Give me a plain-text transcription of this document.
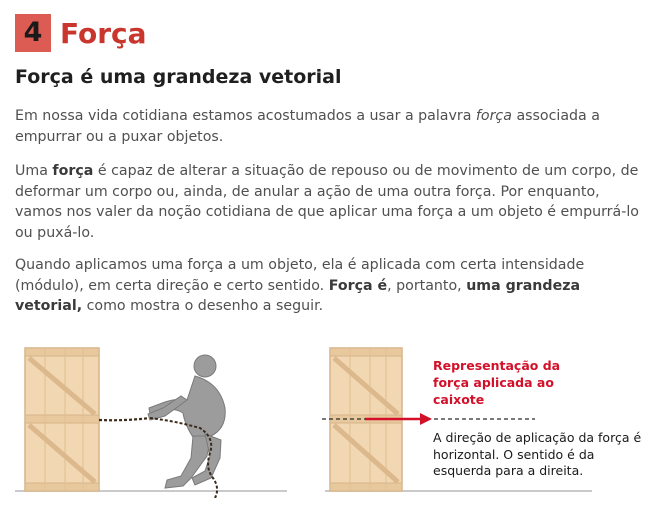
4 Força
Força é uma grandeza vetorial

Em nossa vida cotidiana estamos acostumados a usar a palavra força associada a empurrar ou a puxar objetos.

Uma força é capaz de alterar a situação de repouso ou de movimento de um corpo, de deformar um corpo ou, ainda, de anular a ação de uma outra força. Por enquanto, vamos nos valer da noção cotidiana de que aplicar uma força a um objeto é empurrá-lo ou puxá-lo.

Quando aplicamos uma força a um objeto, ela é aplicada com certa intensidade (módulo), em certa direção e certo sentido. Força é, portanto, uma grandeza vetorial, como mostra o desenho a seguir.

Representação da força aplicada ao caixote

A direção de aplicação da força é horizontal. O sentido é da esquerda para a direita.
